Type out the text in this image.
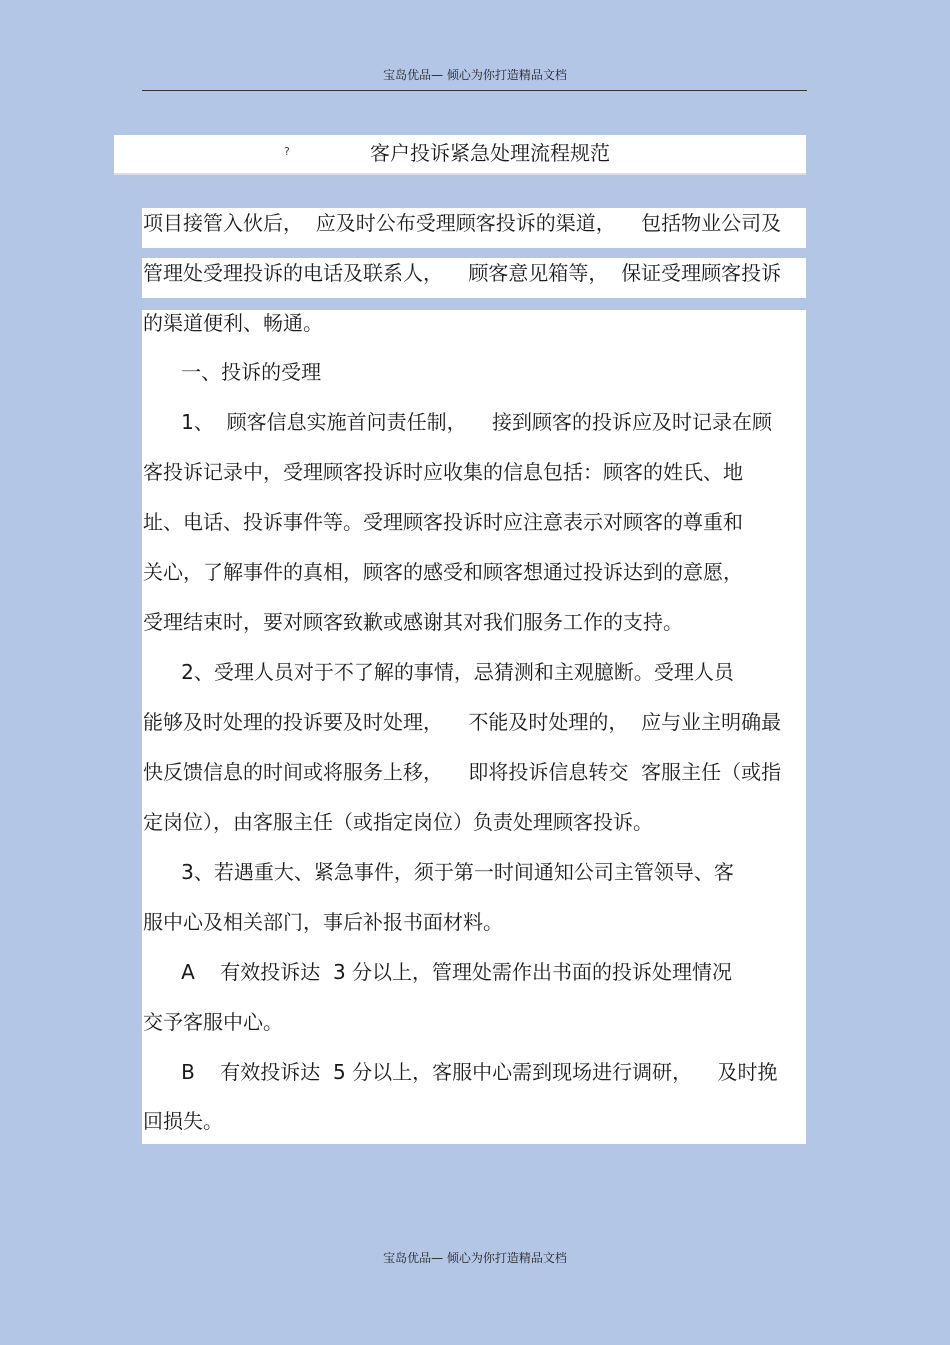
宝岛优品— 倾心为你打造精品文档
?	客户投诉紧急处理流程规范
项目接管入伙后，  应及时公布受理顾客投诉的渠道，    包括物业公司及
管理处受理投诉的电话及联系人，    顾客意见箱等，  保证受理顾客投诉
的渠道便利、畅通。
一、投诉的受理
1、  顾客信息实施首问责任制，    接到顾客的投诉应及时记录在顾
客投诉记录中，受理顾客投诉时应收集的信息包括：顾客的姓氏、地
址、电话、投诉事件等。受理顾客投诉时应注意表示对顾客的尊重和
关心，了解事件的真相，顾客的感受和顾客想通过投诉达到的意愿，
受理结束时，要对顾客致歉或感谢其对我们服务工作的支持。
2、受理人员对于不了解的事情，忌猜测和主观臆断。受理人员
能够及时处理的投诉要及时处理，    不能及时处理的，  应与业主明确最
快反馈信息的时间或将服务上移，    即将投诉信息转交  客服主任（或指
定岗位），由客服主任（或指定岗位）负责处理顾客投诉。
3、若遇重大、紧急事件，须于第一时间通知公司主管领导、客
服中心及相关部门，事后补报书面材料。
A    有效投诉达  3 分以上，管理处需作出书面的投诉处理情况
交予客服中心。
B    有效投诉达  5 分以上，客服中心需到现场进行调研，    及时挽
回损失。
宝岛优品— 倾心为你打造精品文档
